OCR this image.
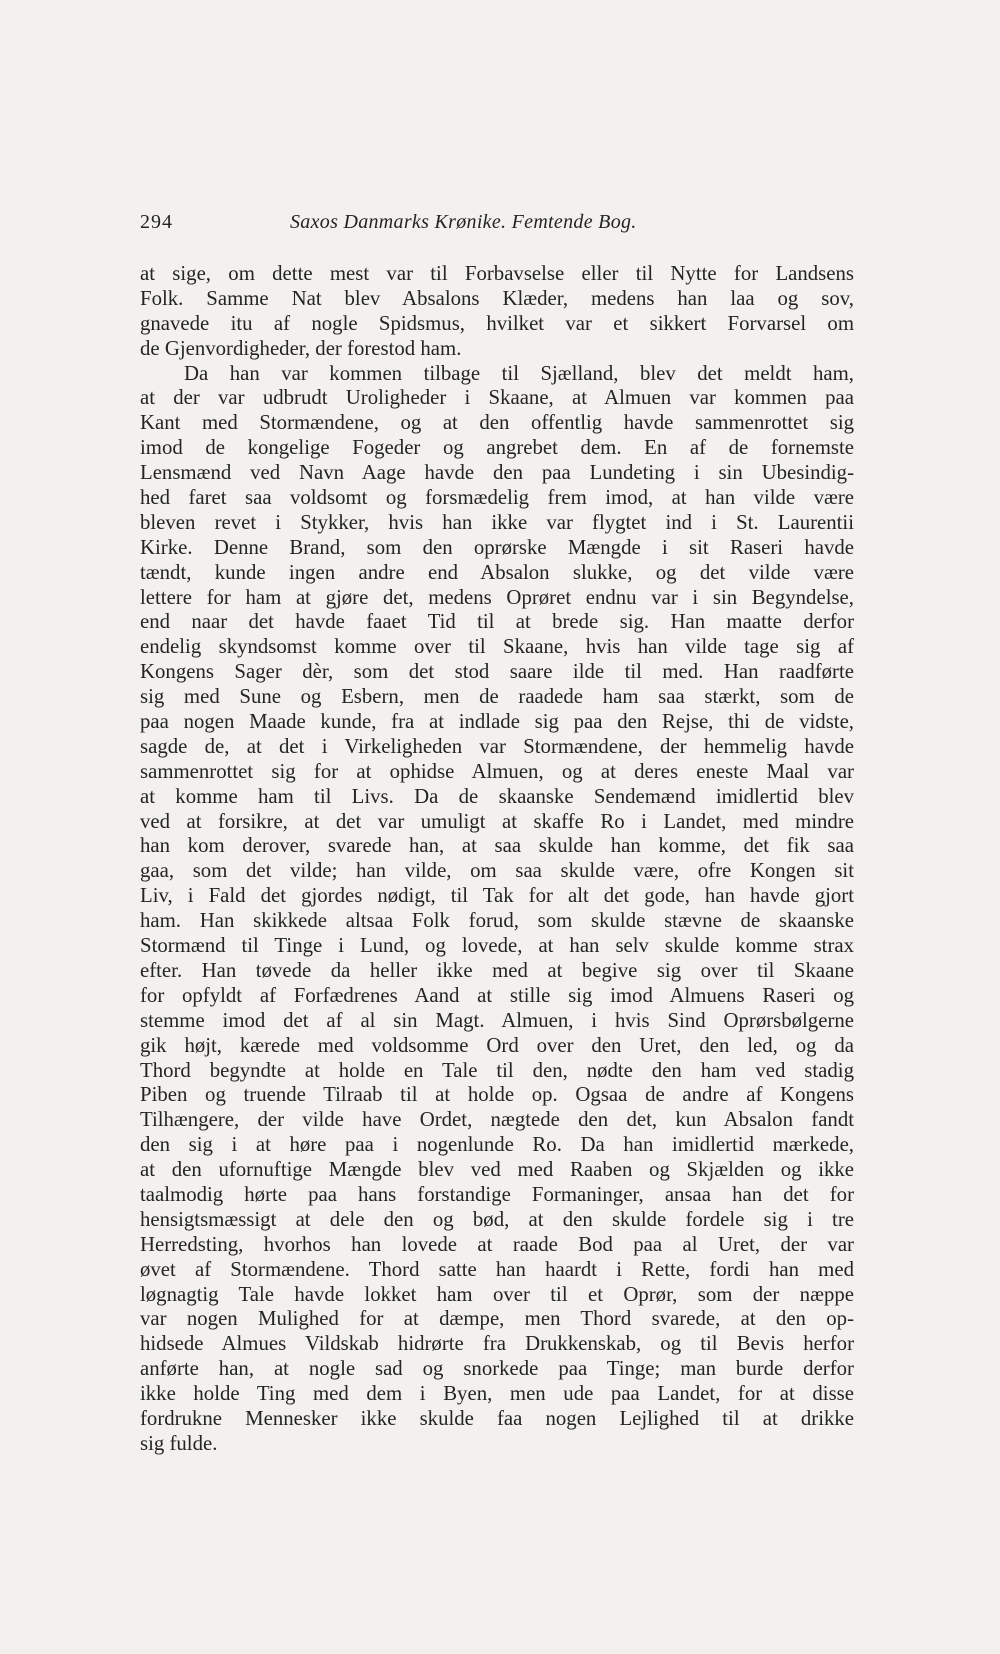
294	Saxos Danmarks Krønike. Femtende Bog.
at sige, om dette mest var til Forbavselse eller til Nytte for Landsens
Folk. Samme Nat blev Absalons Klæder, medens han laa og sov,
gnavede itu af nogle Spidsmus, hvilket var et sikkert Forvarsel om
de Gjenvordigheder, der forestod ham.
Da han var kommen tilbage til Sjælland, blev det meldt ham,
at der var udbrudt Uroligheder i Skaane, at Almuen var kommen paa
Kant med Stormændene, og at den offentlig havde sammenrottet sig
imod de kongelige Fogeder og angrebet dem. En af de fornemste
Lensmænd ved Navn Aage havde den paa Lundeting i sin Ubesindig-
hed faret saa voldsomt og forsmædelig frem imod, at han vilde være
bleven revet i Stykker, hvis han ikke var flygtet ind i St. Laurentii
Kirke. Denne Brand, som den oprørske Mængde i sit Raseri havde
tændt, kunde ingen andre end Absalon slukke, og det vilde være
lettere for ham at gjøre det, medens Oprøret endnu var i sin Begyndelse,
end naar det havde faaet Tid til at brede sig. Han maatte derfor
endelig skyndsomst komme over til Skaane, hvis han vilde tage sig af
Kongens Sager dèr, som det stod saare ilde til med. Han raadførte
sig med Sune og Esbern, men de raadede ham saa stærkt, som de
paa nogen Maade kunde, fra at indlade sig paa den Rejse, thi de vidste,
sagde de, at det i Virkeligheden var Stormændene, der hemmelig havde
sammenrottet sig for at ophidse Almuen, og at deres eneste Maal var
at komme ham til Livs. Da de skaanske Sendemænd imidlertid blev
ved at forsikre, at det var umuligt at skaffe Ro i Landet, med mindre
han kom derover, svarede han, at saa skulde han komme, det fik saa
gaa, som det vilde; han vilde, om saa skulde være, ofre Kongen sit
Liv, i Fald det gjordes nødigt, til Tak for alt det gode, han havde gjort
ham. Han skikkede altsaa Folk forud, som skulde stævne de skaanske
Stormænd til Tinge i Lund, og lovede, at han selv skulde komme strax
efter. Han tøvede da heller ikke med at begive sig over til Skaane
for opfyldt af Forfædrenes Aand at stille sig imod Almuens Raseri og
stemme imod det af al sin Magt. Almuen, i hvis Sind Oprørsbølgerne
gik højt, kærede med voldsomme Ord over den Uret, den led, og da
Thord begyndte at holde en Tale til den, nødte den ham ved stadig
Piben og truende Tilraab til at holde op. Ogsaa de andre af Kongens
Tilhængere, der vilde have Ordet, nægtede den det, kun Absalon fandt
den sig i at høre paa i nogenlunde Ro. Da han imidlertid mærkede,
at den ufornuftige Mængde blev ved med Raaben og Skjælden og ikke
taalmodig hørte paa hans forstandige Formaninger, ansaa han det for
hensigtsmæssigt at dele den og bød, at den skulde fordele sig i tre
Herredsting, hvorhos han lovede at raade Bod paa al Uret, der var
øvet af Stormændene. Thord satte han haardt i Rette, fordi han med
løgnagtig Tale havde lokket ham over til et Oprør, som der næppe
var nogen Mulighed for at dæmpe, men Thord svarede, at den op-
hidsede Almues Vildskab hidrørte fra Drukkenskab, og til Bevis herfor
anførte han, at nogle sad og snorkede paa Tinge; man burde derfor
ikke holde Ting med dem i Byen, men ude paa Landet, for at disse
fordrukne Mennesker ikke skulde faa nogen Lejlighed til at drikke
sig fulde.
